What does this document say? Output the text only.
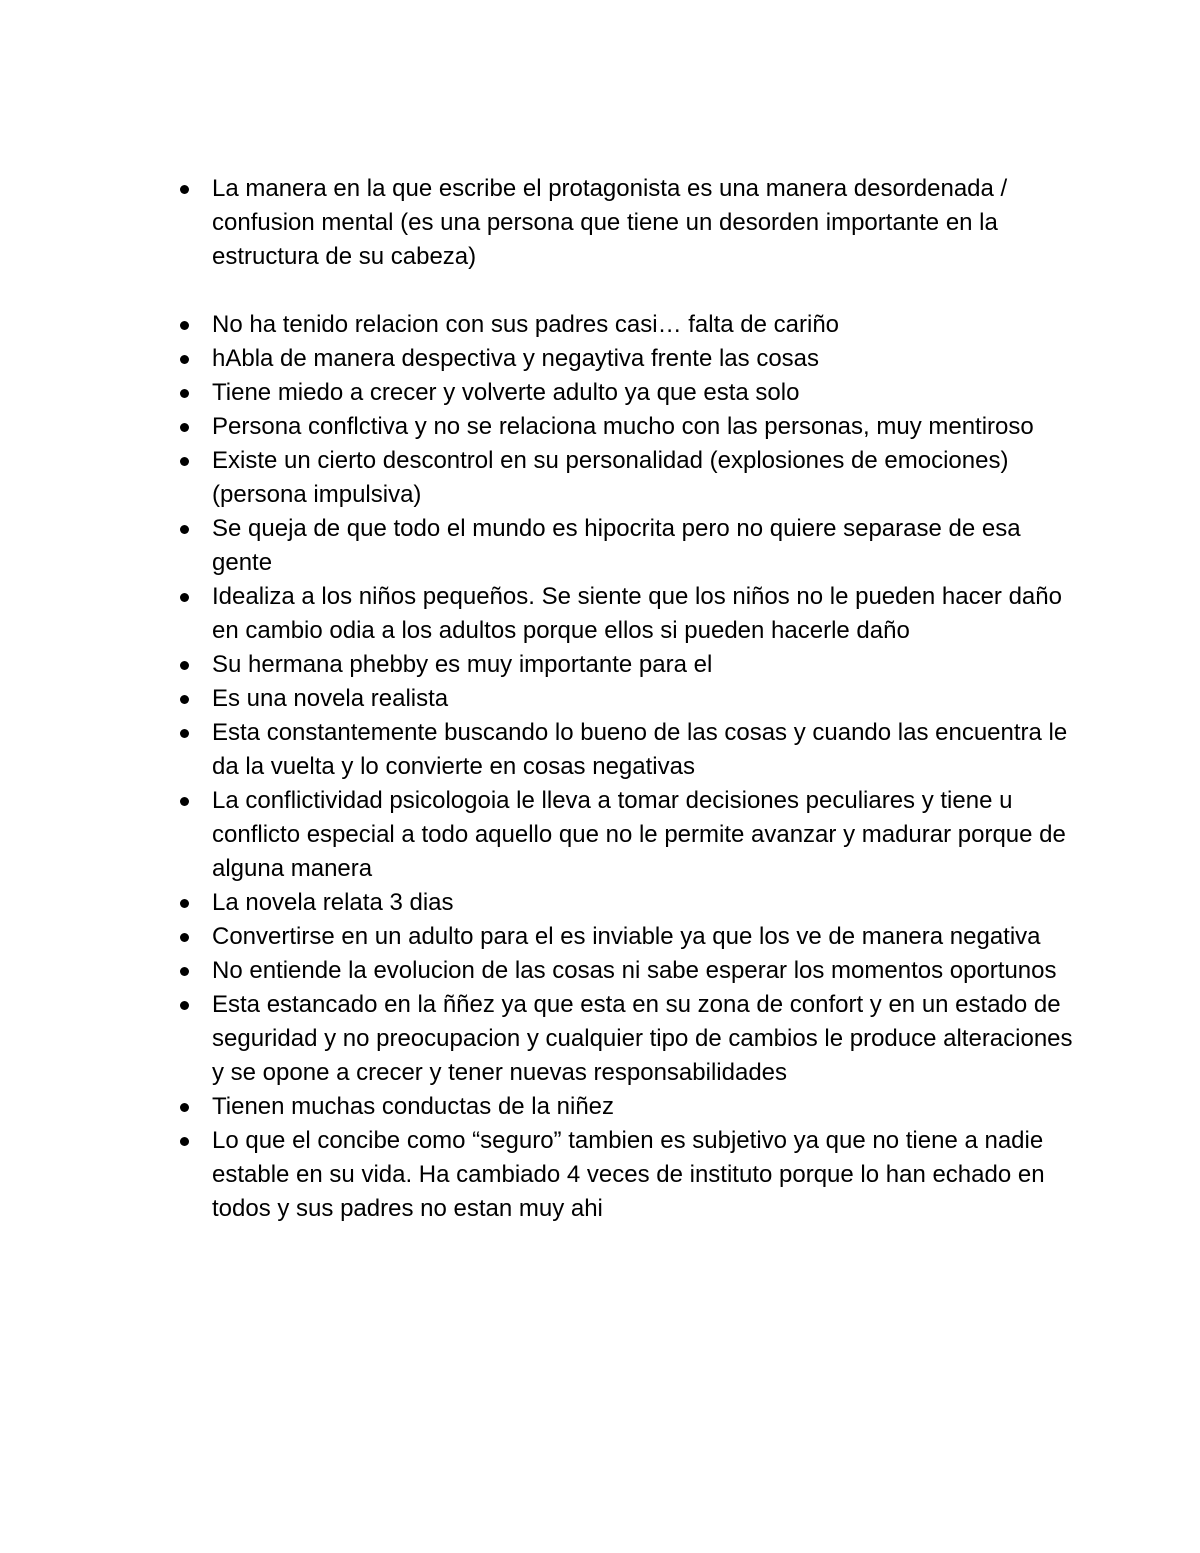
La manera en la que escribe el protagonista es una manera desordenada / confusion mental (es una persona que tiene un desorden importante en la estructura de su cabeza)
No ha tenido relacion con sus padres casi… falta de cariño
hAbla de manera despectiva y negaytiva frente las cosas
Tiene miedo a crecer y volverte adulto ya que esta solo
Persona conflctiva y no se relaciona mucho con las personas, muy mentiroso
Existe un cierto descontrol en su personalidad (explosiones de emociones) (persona impulsiva)
Se queja de que todo el mundo es hipocrita pero no quiere separase de esa gente
Idealiza a los niños pequeños. Se siente que los niños no le pueden hacer daño en cambio odia a los adultos porque ellos si pueden hacerle daño
Su hermana phebby es muy importante para el
Es una novela realista
Esta constantemente buscando lo bueno de las cosas y cuando las encuentra le da la vuelta y lo convierte en cosas negativas
La conflictividad psicologoia le lleva a tomar decisiones peculiares y tiene u conflicto especial a todo aquello que no le permite avanzar y madurar porque de alguna manera
La novela relata 3 dias
Convertirse en un adulto para el es inviable ya que los ve de manera negativa
No entiende la evolucion de las cosas ni sabe esperar los momentos oportunos
Esta estancado en la ññez ya que esta en su zona de confort y en un estado de seguridad y no preocupacion y cualquier tipo de cambios le produce alteraciones y se opone a crecer y tener nuevas responsabilidades
Tienen muchas conductas de la niñez
Lo que el concibe como “seguro” tambien es subjetivo ya que no tiene a nadie estable en su vida. Ha cambiado 4 veces de instituto porque lo han echado en todos y sus padres no estan muy ahi
